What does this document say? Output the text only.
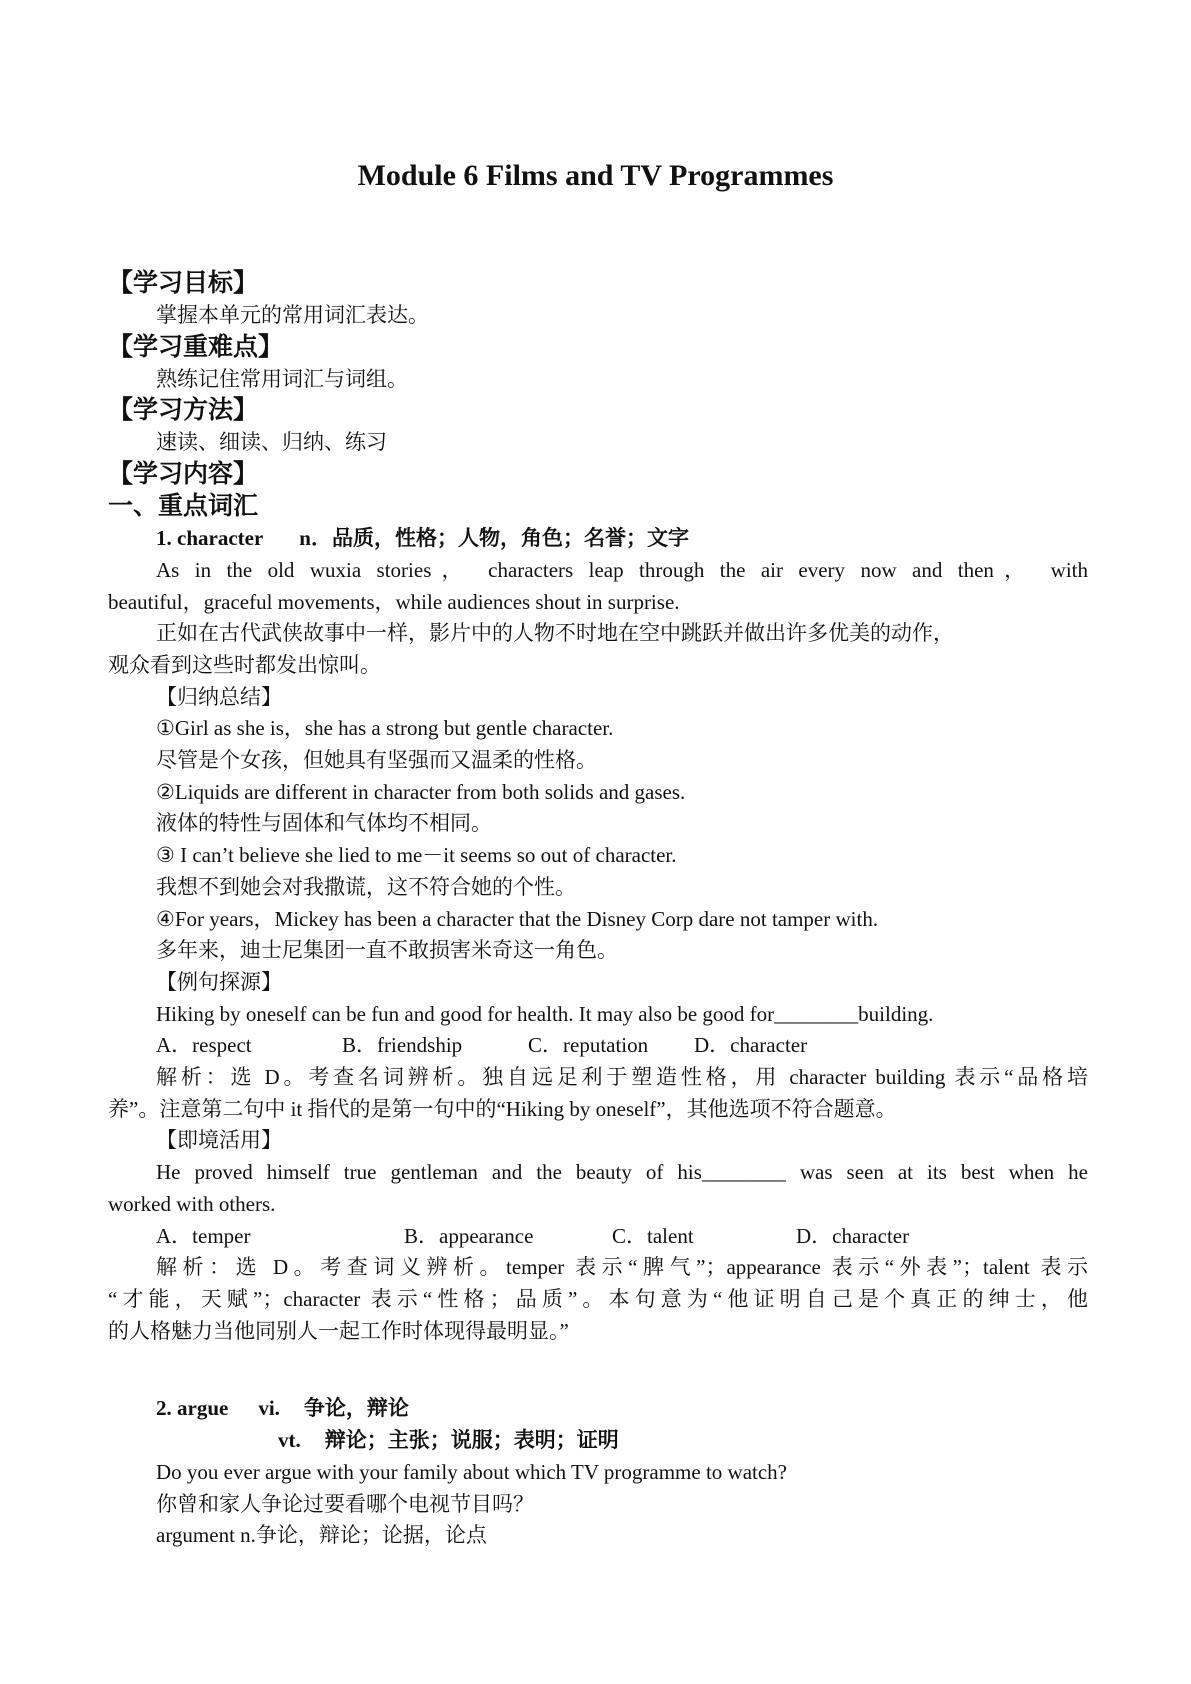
Module 6 Films and TV Programmes
【学习目标】
掌握本单元的常用词汇表达。
【学习重难点】
熟练记住常用词汇与词组。
【学习方法】
速读、细读、归纳、练习
【学习内容】
一、重点词汇
1. character n．品质，性格；人物，角色；名誉；文字
As in the old wuxia stories， characters leap through the air every now and then， with
beautiful，graceful movements，while audiences shout in surprise.
正如在古代武侠故事中一样，影片中的人物不时地在空中跳跃并做出许多优美的动作，
观众看到这些时都发出惊叫。
【归纳总结】
①Girl as she is，she has a strong but gentle character.
尽管是个女孩，但她具有坚强而又温柔的性格。
②Liquids are different in character from both solids and gases.
液体的特性与固体和气体均不相同。
③ I can’t believe she lied to me－it seems so out of character.
我想不到她会对我撒谎，这不符合她的个性。
④For years，Mickey has been a character that the Disney Corp dare not tamper with.
多年来，迪士尼集团一直不敢损害米奇这一角色。
【例句探源】
Hiking by oneself can be fun and good for health. It may also be good for________building.
A．respect	B．friendship	C．reputation D．character
解析：选 D。考查名词辨析。独自远足利于塑造性格，用 character building 表示“品格培
养”。注意第二句中 it 指代的是第一句中的“Hiking by oneself”，其他选项不符合题意。
【即境活用】
He proved himself true gentleman and the beauty of his________ was seen at its best when he
worked with others.
A．temper	B．appearance	C．talent	D．character
解析：选 D。考查词义辨析。temper 表示“脾气”；appearance 表示“外表”；talent 表示
“才能，天赋”；character 表示“性格；品质”。本句意为“他证明自己是个真正的绅士，他
的人格魅力当他同别人一起工作时体现得最明显。”
2. argue vi. 争论，辩论
vt. 辩论；主张；说服；表明；证明
Do you ever argue with your family about which TV programme to watch?
你曾和家人争论过要看哪个电视节目吗？
argument n.争论，辩论；论据，论点
